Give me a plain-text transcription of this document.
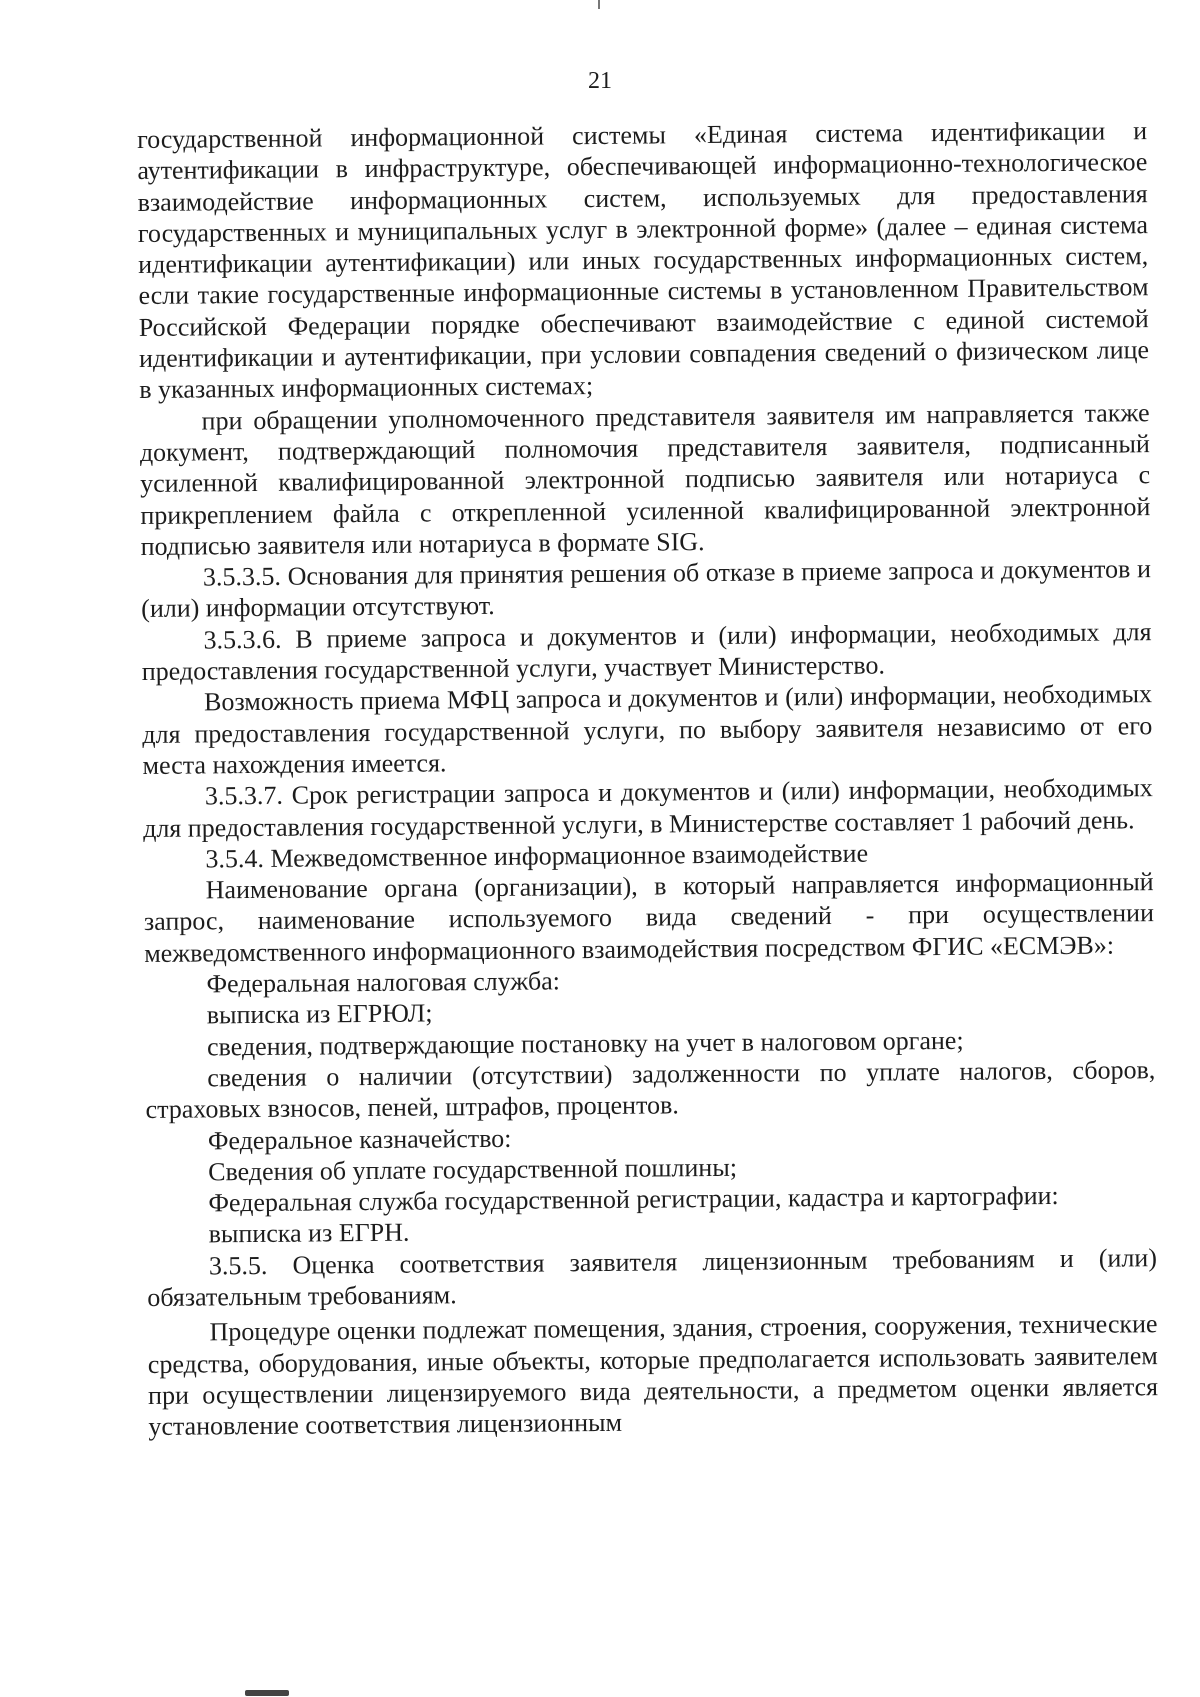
21

государственной информационной системы «Единая система идентификации и аутентификации в инфраструктуре, обеспечивающей информационно-технологическое взаимодействие информационных систем, используемых для предоставления государственных и муниципальных услуг в электронной форме» (далее – единая система идентификации аутентификации) или иных государственных информационных систем, если такие государственные информационные системы в установленном Правительством Российской Федерации порядке обеспечивают взаимодействие с единой системой идентификации и аутентификации, при условии совпадения сведений о физическом лице в указанных информационных системах;

при обращении уполномоченного представителя заявителя им направляется также документ, подтверждающий полномочия представителя заявителя, подписанный усиленной квалифицированной электронной подписью заявителя или нотариуса с прикреплением файла с открепленной усиленной квалифицированной электронной подписью заявителя или нотариуса в формате SIG.

3.5.3.5. Основания для принятия решения об отказе в приеме запроса и документов и (или) информации отсутствуют.

3.5.3.6. В приеме запроса и документов и (или) информации, необходимых для предоставления государственной услуги, участвует Министерство.

Возможность приема МФЦ запроса и документов и (или) информации, необходимых для предоставления государственной услуги, по выбору заявителя независимо от его места нахождения имеется.

3.5.3.7. Срок регистрации запроса и документов и (или) информации, необходимых для предоставления государственной услуги, в Министерстве составляет 1 рабочий день.

3.5.4. Межведомственное информационное взаимодействие

Наименование органа (организации), в который направляется информационный запрос, наименование используемого вида сведений - при осуществлении межведомственного информационного взаимодействия посредством ФГИС «ЕСМЭВ»:

Федеральная налоговая служба:

выписка из ЕГРЮЛ;

сведения, подтверждающие постановку на учет в налоговом органе;

сведения о наличии (отсутствии) задолженности по уплате налогов, сборов, страховых взносов, пеней, штрафов, процентов.

Федеральное казначейство:

Сведения об уплате государственной пошлины;

Федеральная служба государственной регистрации, кадастра и картографии:

выписка из ЕГРН.

3.5.5. Оценка соответствия заявителя лицензионным требованиям и (или) обязательным требованиям.

Процедуре оценки подлежат помещения, здания, строения, сооружения, технические средства, оборудования, иные объекты, которые предполагается использовать заявителем при осуществлении лицензируемого вида деятельности, а предметом оценки является установление соответствия лицензионным
